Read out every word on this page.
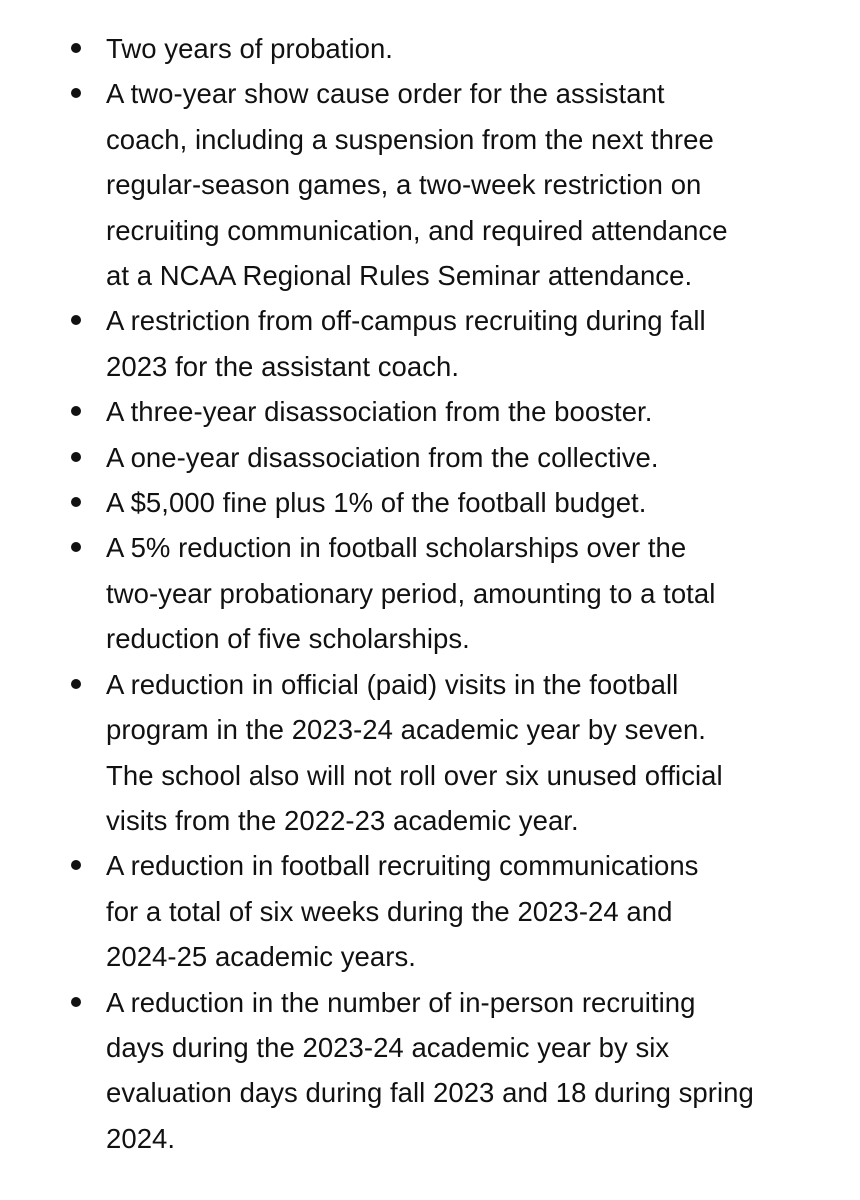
Two years of probation.
A two-year show cause order for the assistant
coach, including a suspension from the next three
regular-season games, a two-week restriction on
recruiting communication, and required attendance
at a NCAA Regional Rules Seminar attendance.
A restriction from off-campus recruiting during fall
2023 for the assistant coach.
A three-year disassociation from the booster.
A one-year disassociation from the collective.
A $5,000 fine plus 1% of the football budget.
A 5% reduction in football scholarships over the
two-year probationary period, amounting to a total
reduction of five scholarships.
A reduction in official (paid) visits in the football
program in the 2023-24 academic year by seven.
The school also will not roll over six unused official
visits from the 2022-23 academic year.
A reduction in football recruiting communications
for a total of six weeks during the 2023-24 and
2024-25 academic years.
A reduction in the number of in-person recruiting
days during the 2023-24 academic year by six
evaluation days during fall 2023 and 18 during spring
2024.
